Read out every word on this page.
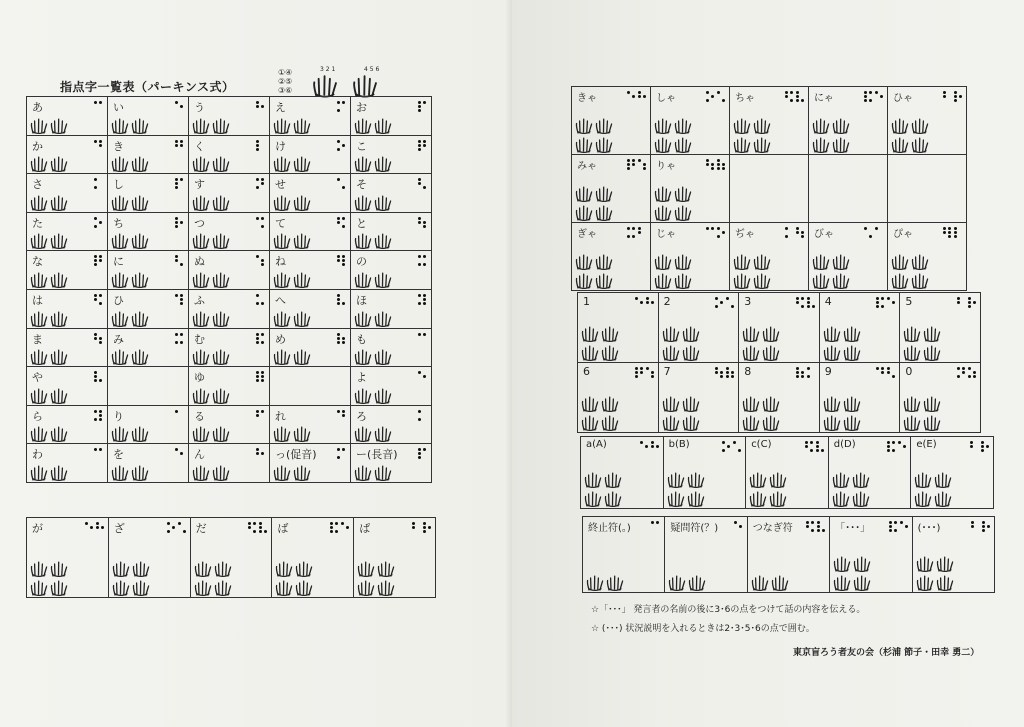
指点字一覧表（パーキンス式）
①④
②⑤
③⑥
3 2 1	4 5 6
あ	い	う	え	お

か	き	く	け	こ

さ	し	す	せ	そ

た	ち	つ	て	と

な	に	ぬ	ね	の

は	ひ	ふ	へ	ほ

ま	み	む	め	も

や		ゆ		よ

ら	り	る	れ	ろ

わ	を	ん	っ(促音)	ー(長音)
が	ざ	だ	ば	ぱ
きゃ	しゃ	ちゃ	にゃ	ひゃ

みゃ	りゃ			

ぎゃ	じゃ	ぢゃ	びゃ	ぴゃ
1	2	3	4	5

6	7	8	9	0
a(A)	b(B)	c(C)	d(D)	e(E)
終止符(｡)	疑問符(？)	つなぎ符	「･･･」	(･･･)
☆「･･･」 発言者の名前の後に3･6の点をつけて話の内容を伝える。
☆ (･･･) 状況説明を入れるときは2･3･5･6の点で囲む。
東京盲ろう者友の会（杉浦 節子・田幸 勇二）
